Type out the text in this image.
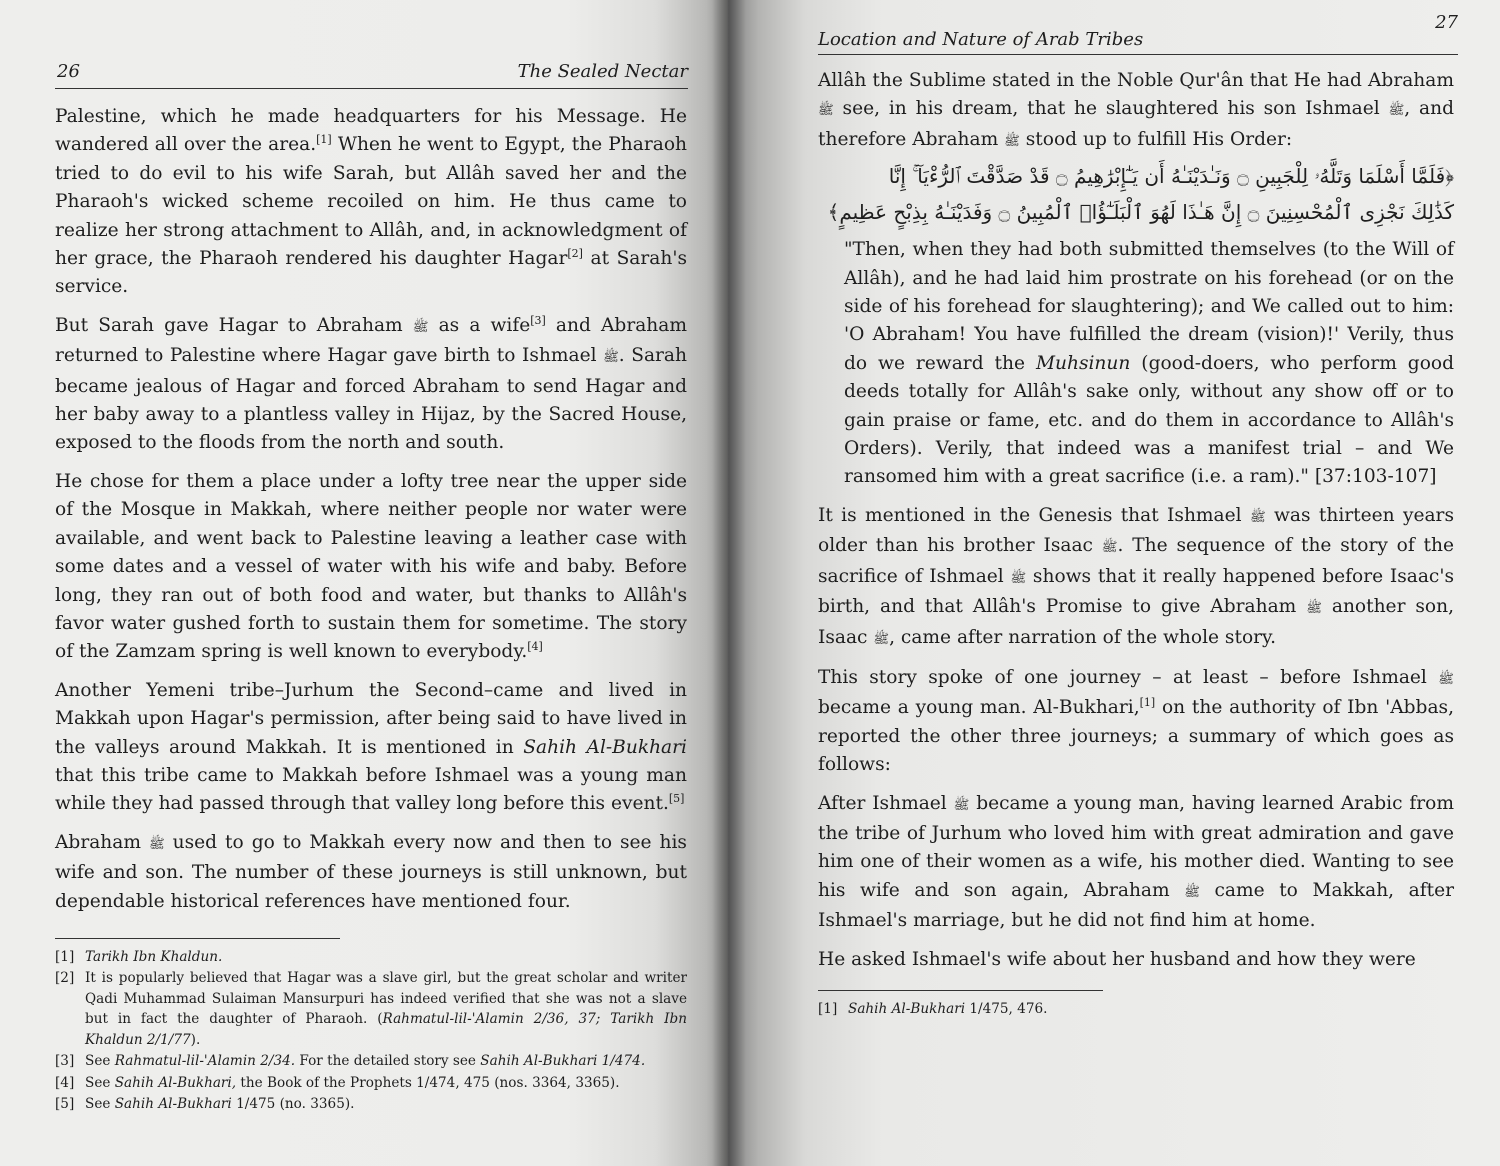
26	The Sealed Nectar

Palestine, which he made headquarters for his Message. He wandered all over the area.[1] When he went to Egypt, the Pharaoh tried to do evil to his wife Sarah, but Allâh saved her and the Pharaoh's wicked scheme recoiled on him. He thus came to realize her strong attachment to Allâh, and, in acknowledgment of her grace, the Pharaoh rendered his daughter Hagar[2] at Sarah's service.

But Sarah gave Hagar to Abraham ﷺ as a wife[3] and Abraham returned to Palestine where Hagar gave birth to Ishmael ﷺ. Sarah became jealous of Hagar and forced Abraham to send Hagar and her baby away to a plantless valley in Hijaz, by the Sacred House, exposed to the floods from the north and south.

He chose for them a place under a lofty tree near the upper side of the Mosque in Makkah, where neither people nor water were available, and went back to Palestine leaving a leather case with some dates and a vessel of water with his wife and baby. Before long, they ran out of both food and water, but thanks to Allâh's favor water gushed forth to sustain them for sometime. The story of the Zamzam spring is well known to everybody.[4]

Another Yemeni tribe–Jurhum the Second–came and lived in Makkah upon Hagar's permission, after being said to have lived in the valleys around Makkah. It is mentioned in Sahih Al-Bukhari that this tribe came to Makkah before Ishmael was a young man while they had passed through that valley long before this event.[5]

Abraham ﷺ used to go to Makkah every now and then to see his wife and son. The number of these journeys is still unknown, but dependable historical references have mentioned four.

[1] Tarikh Ibn Khaldun.
[2] It is popularly believed that Hagar was a slave girl, but the great scholar and writer Qadi Muhammad Sulaiman Mansurpuri has indeed verified that she was not a slave but in fact the daughter of Pharaoh. (Rahmatul-lil-'Alamin 2/36, 37; Tarikh Ibn Khaldun 2/1/77).
[3] See Rahmatul-lil-'Alamin 2/34. For the detailed story see Sahih Al-Bukhari 1/474.
[4] See Sahih Al-Bukhari, the Book of the Prophets 1/474, 475 (nos. 3364, 3365).
[5] See Sahih Al-Bukhari 1/475 (no. 3365).
Location and Nature of Arab Tribes
27

Allâh the Sublime stated in the Noble Qur'ân that He had Abraham ﷺ see, in his dream, that he slaughtered his son Ishmael ﷺ, and therefore Abraham ﷺ stood up to fulfill His Order:

﴿فَلَمَّا أَسْلَمَا وَتَلَّهُۥ لِلْجَبِينِ ۝ وَنَـٰدَيْنَـٰهُ أَن يَـٰٓإِبْرَٰهِيمُ ۝ قَدْ صَدَّقْتَ ٱلرُّءْيَآ ۚ إِنَّا
كَذَٰلِكَ نَجْزِى ٱلْمُحْسِنِينَ ۝ إِنَّ هَـٰذَا لَهُوَ ٱلْبَلَـٰٓؤُا۟ ٱلْمُبِينُ ۝ وَفَدَيْنَـٰهُ بِذِبْحٍ عَظِيمٍ﴾

"Then, when they had both submitted themselves (to the Will of Allâh), and he had laid him prostrate on his forehead (or on the side of his forehead for slaughtering); and We called out to him: 'O Abraham! You have fulfilled the dream (vision)!' Verily, thus do we reward the Muhsinun (good-doers, who perform good deeds totally for Allâh's sake only, without any show off or to gain praise or fame, etc. and do them in accordance to Allâh's Orders). Verily, that indeed was a manifest trial – and We ransomed him with a great sacrifice (i.e. a ram)." [37:103-107]

It is mentioned in the Genesis that Ishmael ﷺ was thirteen years older than his brother Isaac ﷺ. The sequence of the story of the sacrifice of Ishmael ﷺ shows that it really happened before Isaac's birth, and that Allâh's Promise to give Abraham ﷺ another son, Isaac ﷺ, came after narration of the whole story.

This story spoke of one journey – at least – before Ishmael ﷺ became a young man. Al-Bukhari,[1] on the authority of Ibn 'Abbas, reported the other three journeys; a summary of which goes as follows:

After Ishmael ﷺ became a young man, having learned Arabic from the tribe of Jurhum who loved him with great admiration and gave him one of their women as a wife, his mother died. Wanting to see his wife and son again, Abraham ﷺ came to Makkah, after Ishmael's marriage, but he did not find him at home.

He asked Ishmael's wife about her husband and how they were

[1] Sahih Al-Bukhari 1/475, 476.
